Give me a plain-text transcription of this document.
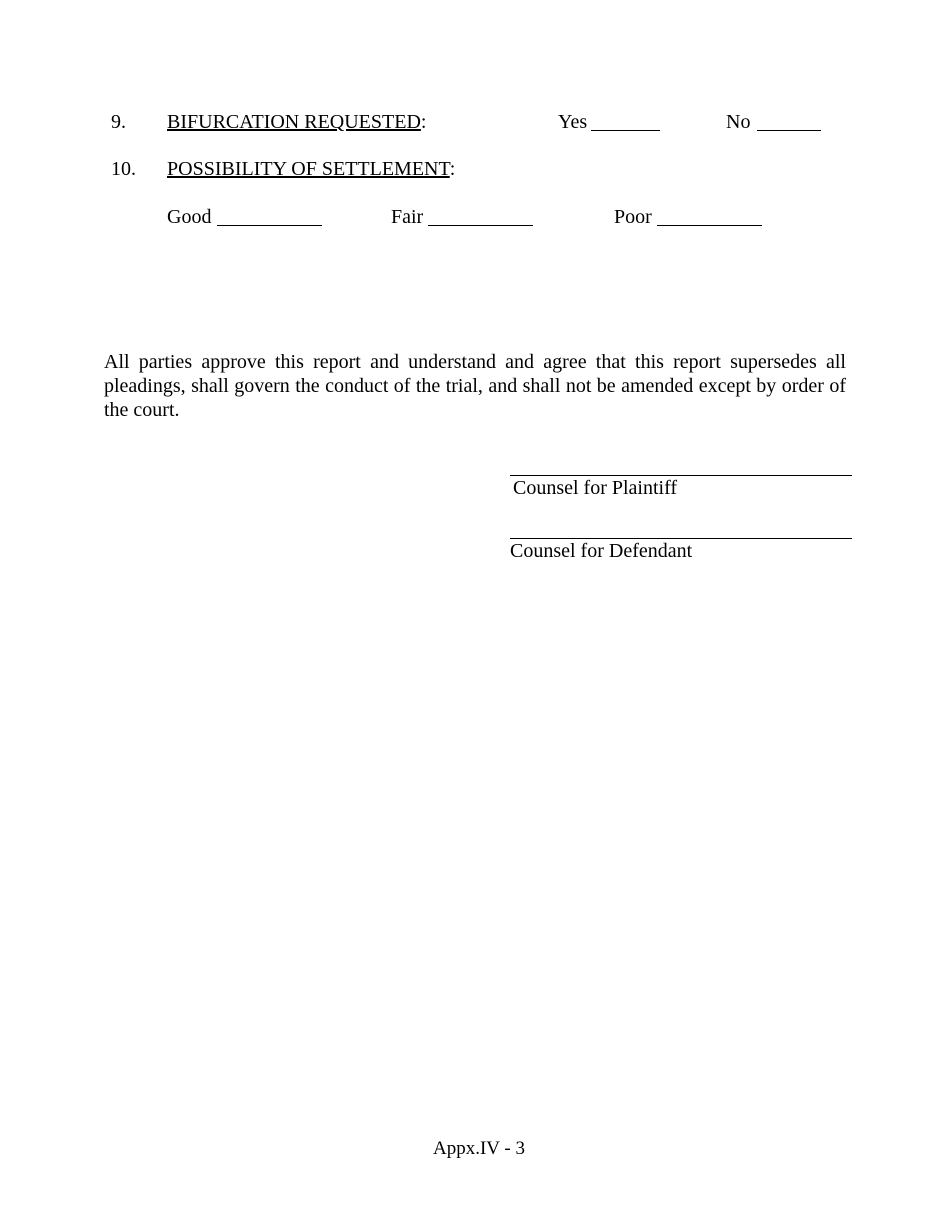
9. BIFURCATION REQUESTED:	Yes	No
10. POSSIBILITY OF SETTLEMENT:
Good	Fair	Poor
All parties approve this report and understand and agree that this report supersedes all pleadings, shall govern the conduct of the trial, and shall not be amended except by order of the court.
Counsel for Plaintiff
Counsel for Defendant
Appx.IV - 3
